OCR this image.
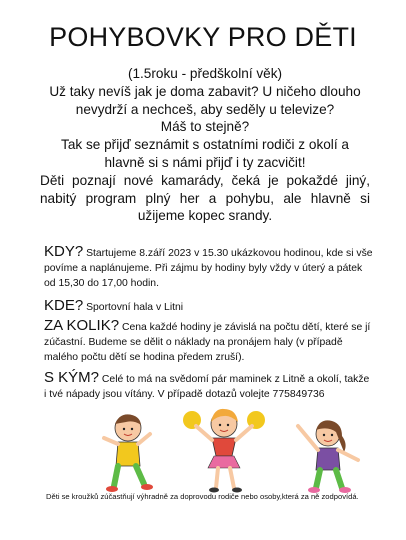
POHYBOVKY PRO DĚTI

(1.5roku - předškolní věk)

Už taky nevíš jak je doma zabavit? U ničeho dlouho nevydrží a nechceš, aby seděly u televize?

Máš to stejně?

Tak se přijď seznámit s ostatními rodiči z okolí a hlavně si s námi přijď i ty zacvičit!

Děti poznají nové kamarády, čeká je pokaždé jiný, nabitý program plný her a pohybu, ale hlavně si užijeme kopec srandy.

KDY? Startujeme 8.září 2023 v 15.30 ukázkovou hodinou, kde si vše povíme a naplánujeme. Při zájmu by hodiny byly vždy v úterý a pátek od 15,30 do 17,00 hodin.
KDE? Sportovní hala v Litni
ZA KOLIK? Cena každé hodiny je závislá na počtu dětí, které se jí zúčastní. Budeme se dělit o náklady na pronájem haly (v případě malého počtu dětí se hodina předem zruší).
S KÝM? Celé to má na svědomí pár maminek z Litně a okolí, takže i tvé nápady jsou vítány. V případě dotazů volejte 775849736
Děti se kroužků zúčastňují výhradně za doprovodu rodiče nebo osoby,která za ně zodpovídá.
